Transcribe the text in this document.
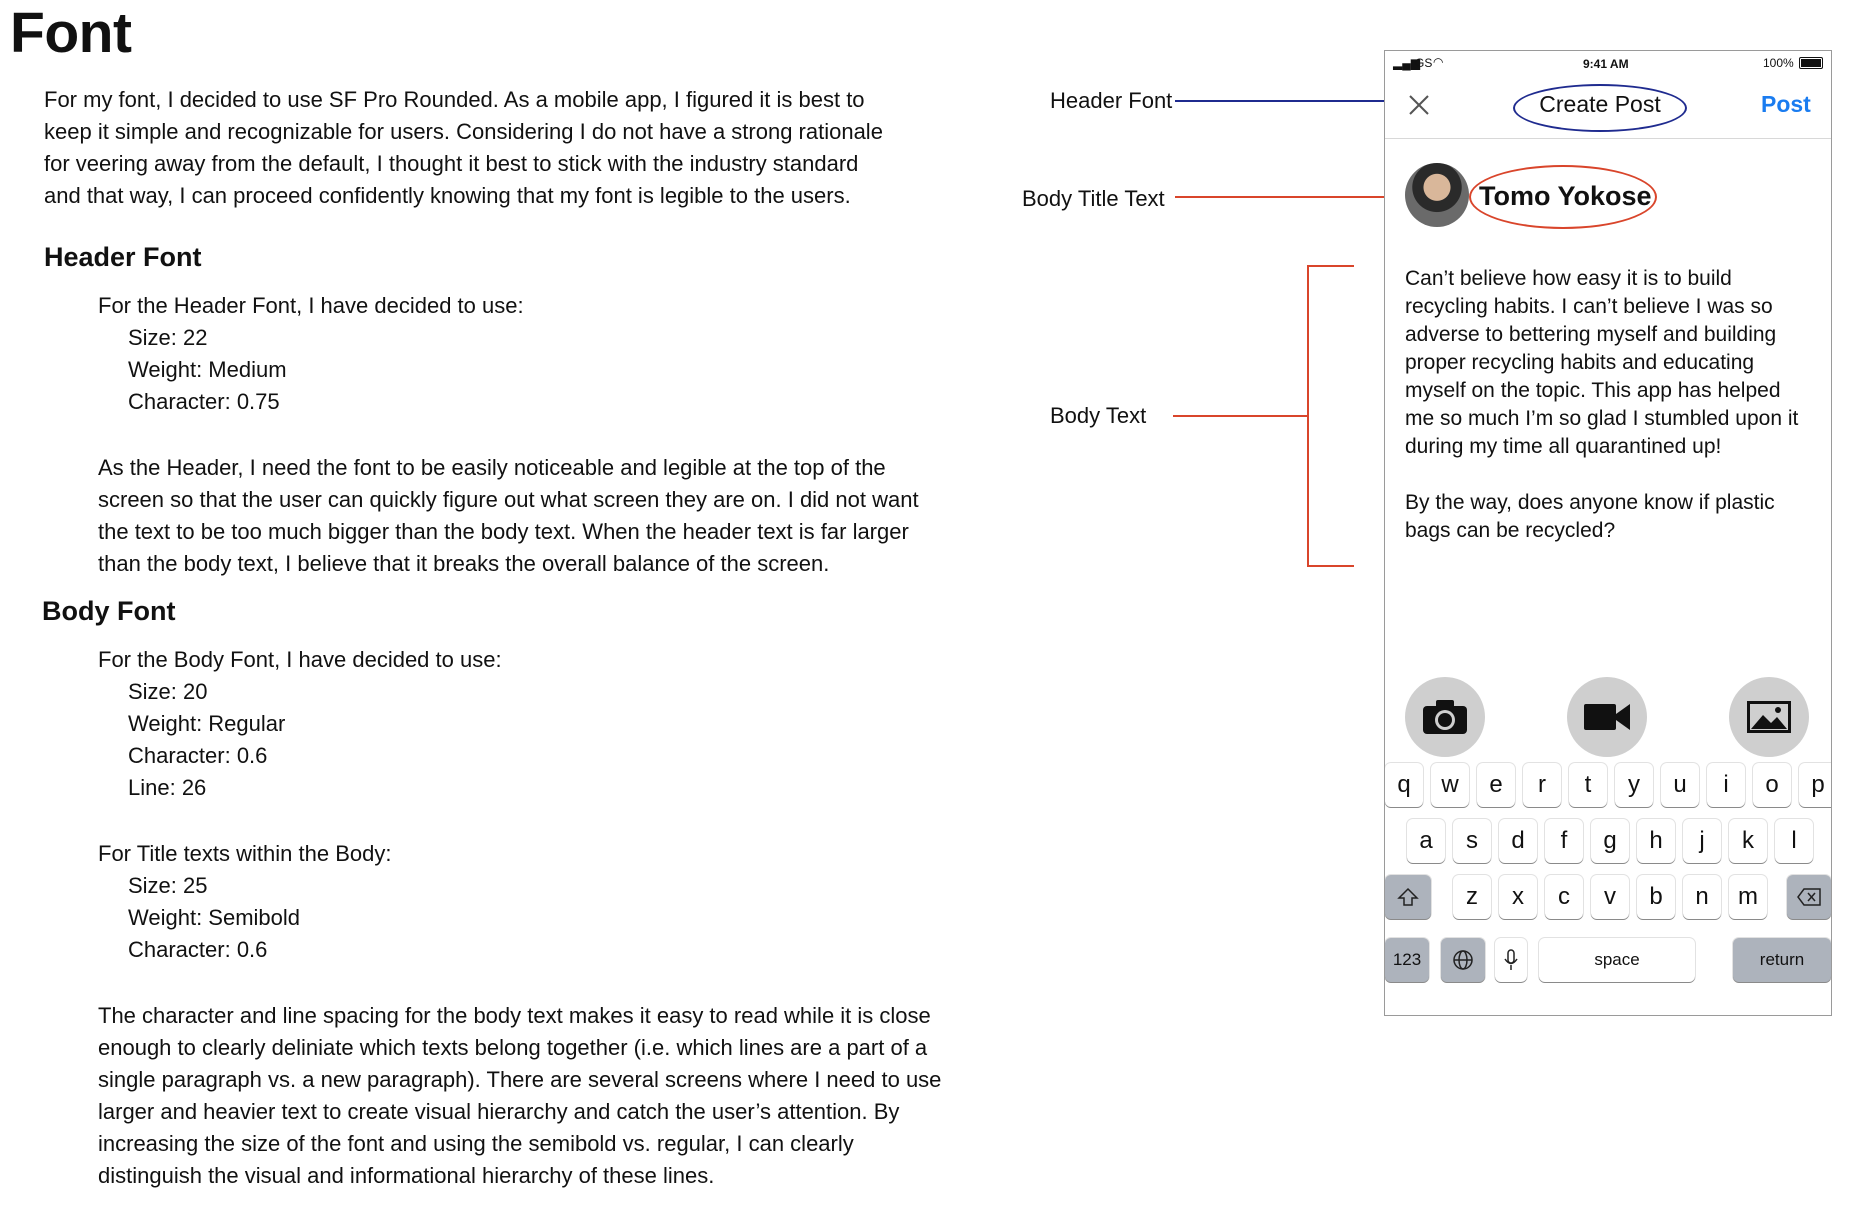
Font
For my font, I decided to use SF Pro Rounded. As a mobile app, I figured it is best to
keep it simple and recognizable for users. Considering I do not have a strong rationale
for veering away from the default, I thought it best to stick with the industry standard
and that way, I can proceed confidently knowing that my font is legible to the users.
Header Font
For the Header Font, I have decided to use:
Size: 22
Weight: Medium
Character: 0.75
As the Header, I need the font to be easily noticeable and legible at the top of the
screen so that the user can quickly figure out what screen they are on. I did not want
the text to be too much bigger than the body text. When the header text is far larger
than the body text, I believe that it breaks the overall balance of the screen.
Body Font
For the Body Font, I have decided to use:
Size: 20
Weight: Regular
Character: 0.6
Line: 26
For Title texts within the Body:
Size: 25
Weight: Semibold
Character: 0.6
The character and line spacing for the body text makes it easy to read while it is close
enough to clearly deliniate which texts belong together (i.e. which lines are a part of a
single paragraph vs. a new paragraph). There are several screens where I need to use
larger and heavier text to create visual hierarchy and catch the user’s attention. By
increasing the size of the font and using the semibold vs. regular, I can clearly
distinguish the visual and informational hierarchy of these lines.
Header Font
Body Title Text
Body Text
▂▄▆
GS ◠	9:41 AM	100%
Create Post	Post
Tomo Yokose
Can’t believe how easy it is to build
recycling habits. I can’t believe I was so
adverse to bettering myself and building
proper recycling habits and educating
myself on the topic. This app has helped
me so much I’m so glad I stumbled upon it
during my time all quarantined up!
By the way, does anyone know if plastic
bags can be recycled?
q	w	e	r	t	y	u	i	o	p
a	s	d	f	g	h	j	k	l
z	x	c	v	b	n	m
123	space	return
